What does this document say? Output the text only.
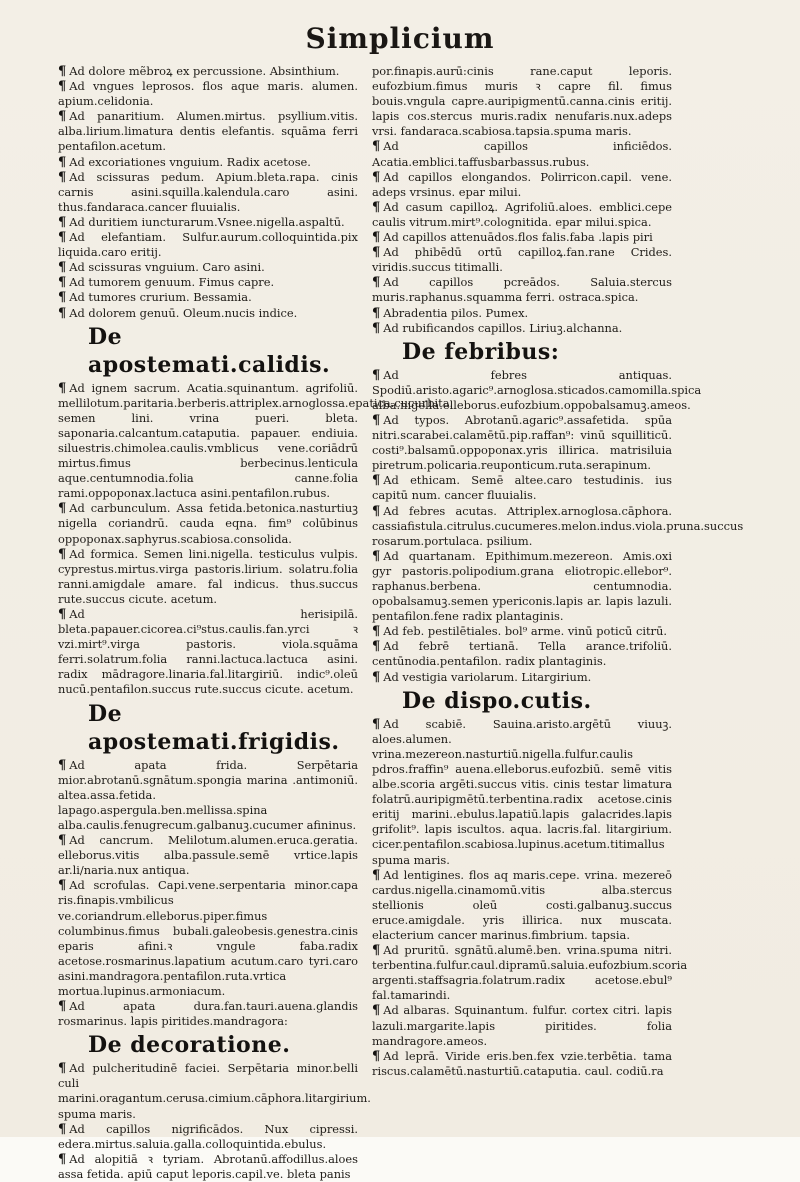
Simplicium

¶ Ad dolore mẽbroꝝ ex percussione. Absinthium.

¶ Ad vngues leprosos. flos aque maris. alumen. apium.celidonia.

¶ Ad panaritium. Alumen.mirtus. psyllium.vitis. alba.lirium.limatura dentis elefantis. squāma ferri pentafilon.acetum.

¶ Ad excoriationes vnguium. Radix acetose.

¶ Ad scissuras pedum. Apium.bleta.rapa. cinis carnis asini.squilla.kalendula.caro asini. thus.fandaraca.cancer fluuialis.

¶ Ad duritiem iuncturarum.Vsnee.nigella.aspaltū.

¶ Ad elefantiam. Sulfur.aurum.colloquintida.pix liquida.caro eritij.

¶ Ad scissuras vnguium. Caro asini.

¶ Ad tumorem genuum. Fimus capre.

¶ Ad tumores crurium. Bessamia.

¶ Ad dolorem genuū. Oleum.nucis indice.

De apostemati.calidis.

¶ Ad ignem sacrum. Acatia.squinantum. agrifoliū. mellilotum.paritaria.berberis.attriplex.arnoglossa.epatica.cucurbita. semen lini. vrina pueri. bleta. saponaria.calcantum.cataputia. papauer. endiuia. siluestris.chimolea.caulis.vmblicus vene.coriādrū mirtus.fimus berbecinus.lenticula aque.centumnodia.folia canne.folia rami.oppoponax.lactuca asini.pentafilon.rubus.

¶ Ad carbunculum. Assa fetida.betonica.nasturtiuꝫ nigella coriandrū. cauda eqna. fim⁹ colūbinus oppoponax.saphyrus.scabiosa.consolida.

¶ Ad formica. Semen lini.nigella. testiculus vulpis. cyprestus.mirtus.virga pastoris.lirium. solatru.folia ranni.amigdale amare. fal indicus. thus.succus rute.succus cicute. acetum.

¶ Ad herisipilā. bleta.papauer.cicorea.ci⁹stus.caulis.fan.yrci ꝛ vzi.mirt⁹.virga pastoris. viola.squāma ferri.solatrum.folia ranni.lactuca.lactuca asini. radix mādragore.linaria.fal.litargiriū. indic⁹.oleū nucū.pentafilon.succus rute.succus cicute. acetum.

De apostemati.frigidis.

¶ Ad apata frida. Serpētaria mior.abrotanū.sgnātum.spongia marina .antimoniū. altea.assa.fetida. lapago.aspergula.ben.mellissa.spina alba.caulis.fenugrecum.galbanuꝫ.cucumer afininus.

¶ Ad cancrum. Melilotum.alumen.eruca.geratia. elleborus.vitis alba.passule.semē vrtice.lapis ar.li/naria.nux antiqua.

¶ Ad scrofulas. Capi.vene.serpentaria minor.capa ris.finapis.vmbilicus ve.coriandrum.elleborus.piper.fimus columbinus.fimus bubali.galeobesis.genestra.cinis eparis afini.ꝛ vngule faba.radix acetose.rosmarinus.lapatium acutum.caro tyri.caro asini.mandragora.pentafilon.ruta.vrtica mortua.lupinus.armoniacum.

¶ Ad apata dura.fan.tauri.auena.glandis rosmarinus. lapis piritides.mandragora:

De decoratione.

¶ Ad pulcheritudinē faciei. Serpētaria minor.belli culi marini.oragantum.cerusa.cimium.cāphora.litargirium. spuma maris.

¶ Ad capillos nigrificādos. Nux cipressi. edera.mirtus.saluia.galla.colloquintida.ebulus.

¶ Ad alopitiā ꝛ tyriam. Abrotanū.affodillus.aloes assa fetida. apiū caput leporis.capil.ve. bleta panis

por.finapis.aurū:cinis rane.caput leporis. eufozbium.fimus muris ꝛ capre fil. fimus bouis.vngula capre.auripigmentū.canna.cinis eritij. lapis cos.stercus muris.radix nenufaris.nux.adeps vrsi. fandaraca.scabiosa.tapsia.spuma maris.

¶ Ad capillos inficiēdos. Acatia.emblici.taffusbarbassus.rubus.

¶ Ad capillos elongandos. Polirricon.capil. vene. adeps vrsinus. epar milui.

¶ Ad casum capilloꝝ. Agrifoliū.aloes. emblici.cepe caulis vitrum.mirt⁹.colognitida. epar milui.spica.

¶ Ad capillos attenuādos.flos falis.faba .lapis piri

¶ Ad phibēdū ortū capilloꝝ.fan.rane Crides. viridis.succus titimalli.

¶ Ad capillos pcreādos. Saluia.stercus muris.raphanus.squamma ferri. ostraca.spica.

¶ Abradentia pilos. Pumex.

¶ Ad rubificandos capillos. Liriuꝫ.alchanna.

De febribus:

¶ Ad febres antiquas. Spodiū.aristo.agaric⁹.arnoglosa.sticados.camomilla.spica alba.nigella.elleborus.eufozbium.oppobalsamuꝫ.ameos.

¶ Ad typos. Abrotanū.agaric⁹.assafetida. spūa nitri.scarabei.calamētū.pip.raffan⁹: vinū squilliticū. costi⁹.balsamū.oppoponax.yris illirica. matrisiluia piretrum.policaria.reuponticum.ruta.serapinum.

¶ Ad ethicam. Semē altee.caro testudinis. ius capitū num. cancer fluuialis.

¶ Ad febres acutas. Attriplex.arnoglosa.cāphora. cassiafistula.citrulus.cucumeres.melon.indus.viola.pruna.succus rosarum.portulaca. psilium.

¶ Ad quartanam. Epithimum.mezereon. Amis.oxi gyr pastoris.polipodium.grana eliotropic.ellebor⁹. raphanus.berbena. centumnodia. opobalsamuꝫ.semen ypericonis.lapis ar. lapis lazuli. pentafilon.fene radix plantaginis.

¶ Ad feb. pestilētiales. bol⁹ arme. vinū poticū citrū.

¶ Ad febrē tertianā. Tella arance.trifoliū. centūnodia.pentafilon. radix plantaginis.

¶ Ad vestigia variolarum. Litargirium.

De dispo.cutis.

¶ Ad scabiē. Sauina.aristo.argētū viuuꝫ. aloes.alumen. vrina.mezereon.nasturtiū.nigella.fulfur.caulis pdros.fraffin⁹ auena.elleborus.eufozbiū. semē vitis albe.scoria argēti.succus vitis. cinis testar limatura folatrū.auripigmētū.terbentina.radix acetose.cinis eritij marini..ebulus.lapatiū.lapis galacrides.lapis grifolit⁹. lapis iscultos. aqua. lacris.fal. litargirium. cicer.pentafilon.scabiosa.lupinus.acetum.titimallus spuma maris.

¶ Ad lentigines. flos aq maris.cepe. vrina. mezereō cardus.nigella.cinamomū.vitis alba.stercus stellionis oleū costi.galbanuꝫ.succus eruce.amigdale. yris illirica. nux muscata. elacterium cancer marinus.fimbrium. tapsia.

¶ Ad pruritū. sgnātū.alumē.ben. vrina.spuma nitri. terbentina.fulfur.caul.dipramū.saluia.eufozbium.scoria argenti.staffsagria.folatrum.radix acetose.ebul⁹ fal.tamarindi.

¶ Ad albaras. Squinantum. fulfur. cortex citri. lapis lazuli.margarite.lapis piritides. folia mandragore.ameos.

¶ Ad leprā. Viride eris.ben.fex vzie.terbētia. tama riscus.calamētū.nasturtiū.cataputia. caul. codiū.ra
